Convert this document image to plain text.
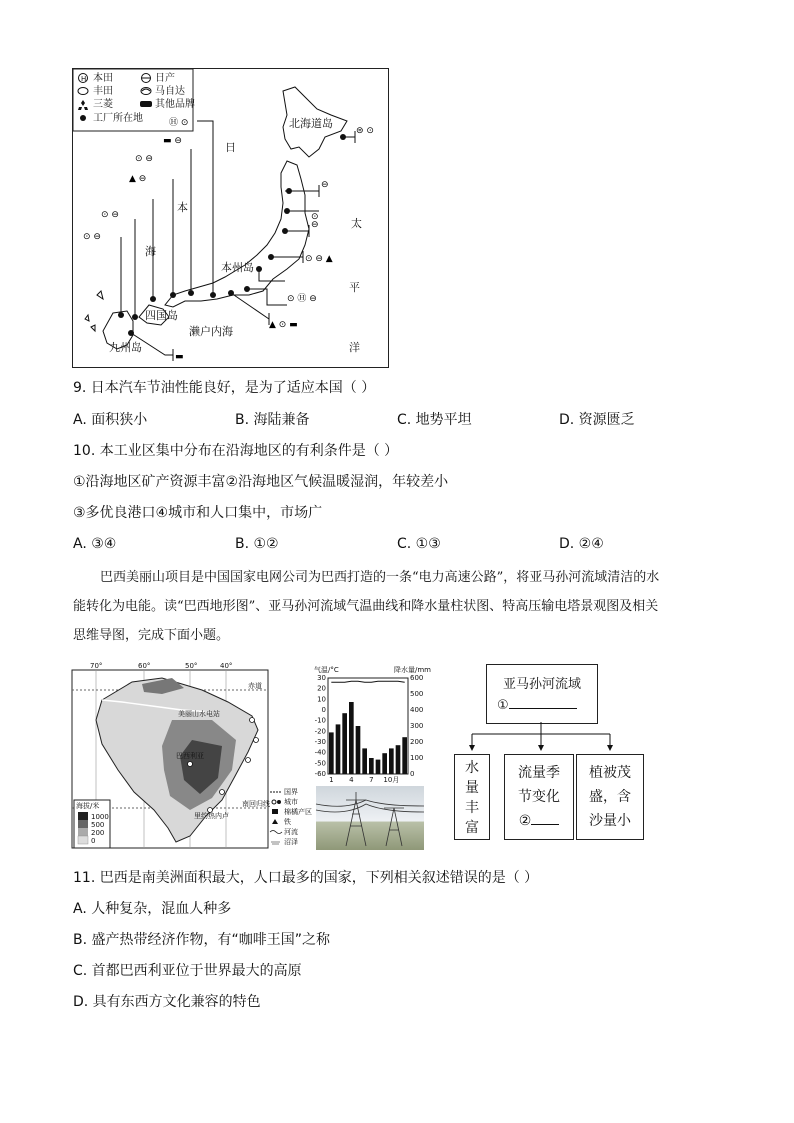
H 本田	日产
丰田	马自达
三菱	其他品牌
工厂所在地
⊜ ⊙
⊖
⊙
⊖
⊙ ⊖ ▲
⊙ Ⓗ ⊖
▲ ⊙ ▬
Ⓗ ⊙
▬ ⊖
⊙ ⊖
▲ ⊖
⊙ ⊖
⊙ ⊖
▬
北海道岛
日
本
海
太
平
洋
本州岛
四国岛
濑户内海
九州岛
9. 日本汽车节油性能良好，是为了适应本国（ ）
A. 面积狭小	B. 海陆兼备	C. 地势平坦	D. 资源匮乏
10. 本工业区集中分布在沿海地区的有利条件是（ ）
①沿海地区矿产资源丰富②沿海地区气候温暖湿润，年较差小
③多优良港口④城市和人口集中，市场广
A. ③④	B. ①②	C. ①③	D. ②④
巴西美丽山项目是中国国家电网公司为巴西打造的一条“电力高速公路”，将亚马孙河流域清洁的水
能转化为电能。读“巴西地形图”、亚马孙河流域气温曲线和降水量柱状图、特高压输电塔景观图及相关
思维导图，完成下面小题。
70°	60°	50°	40°
赤道
南回归线
美丽山水电站
巴西利亚
里约热内卢
海拔/米
1000
500
200
0
国界
城市
棉橘产区
铁
河流
沼泽
气温/°C	降水量/mm
30
20
10
0
-10
-20
-30
-40
-50
-60
600
500
400
300
200
100
0
1 4 7 10月
亚马孙河流域
①
水量丰富
流量季
节变化
②
植被茂
盛，含
沙量小
11. 巴西是南美洲面积最大，人口最多的国家，下列相关叙述错误的是（ ）
A. 人种复杂，混血人种多
B. 盛产热带经济作物，有“咖啡王国”之称
C. 首都巴西利亚位于世界最大的高原
D. 具有东西方文化兼容的特色
